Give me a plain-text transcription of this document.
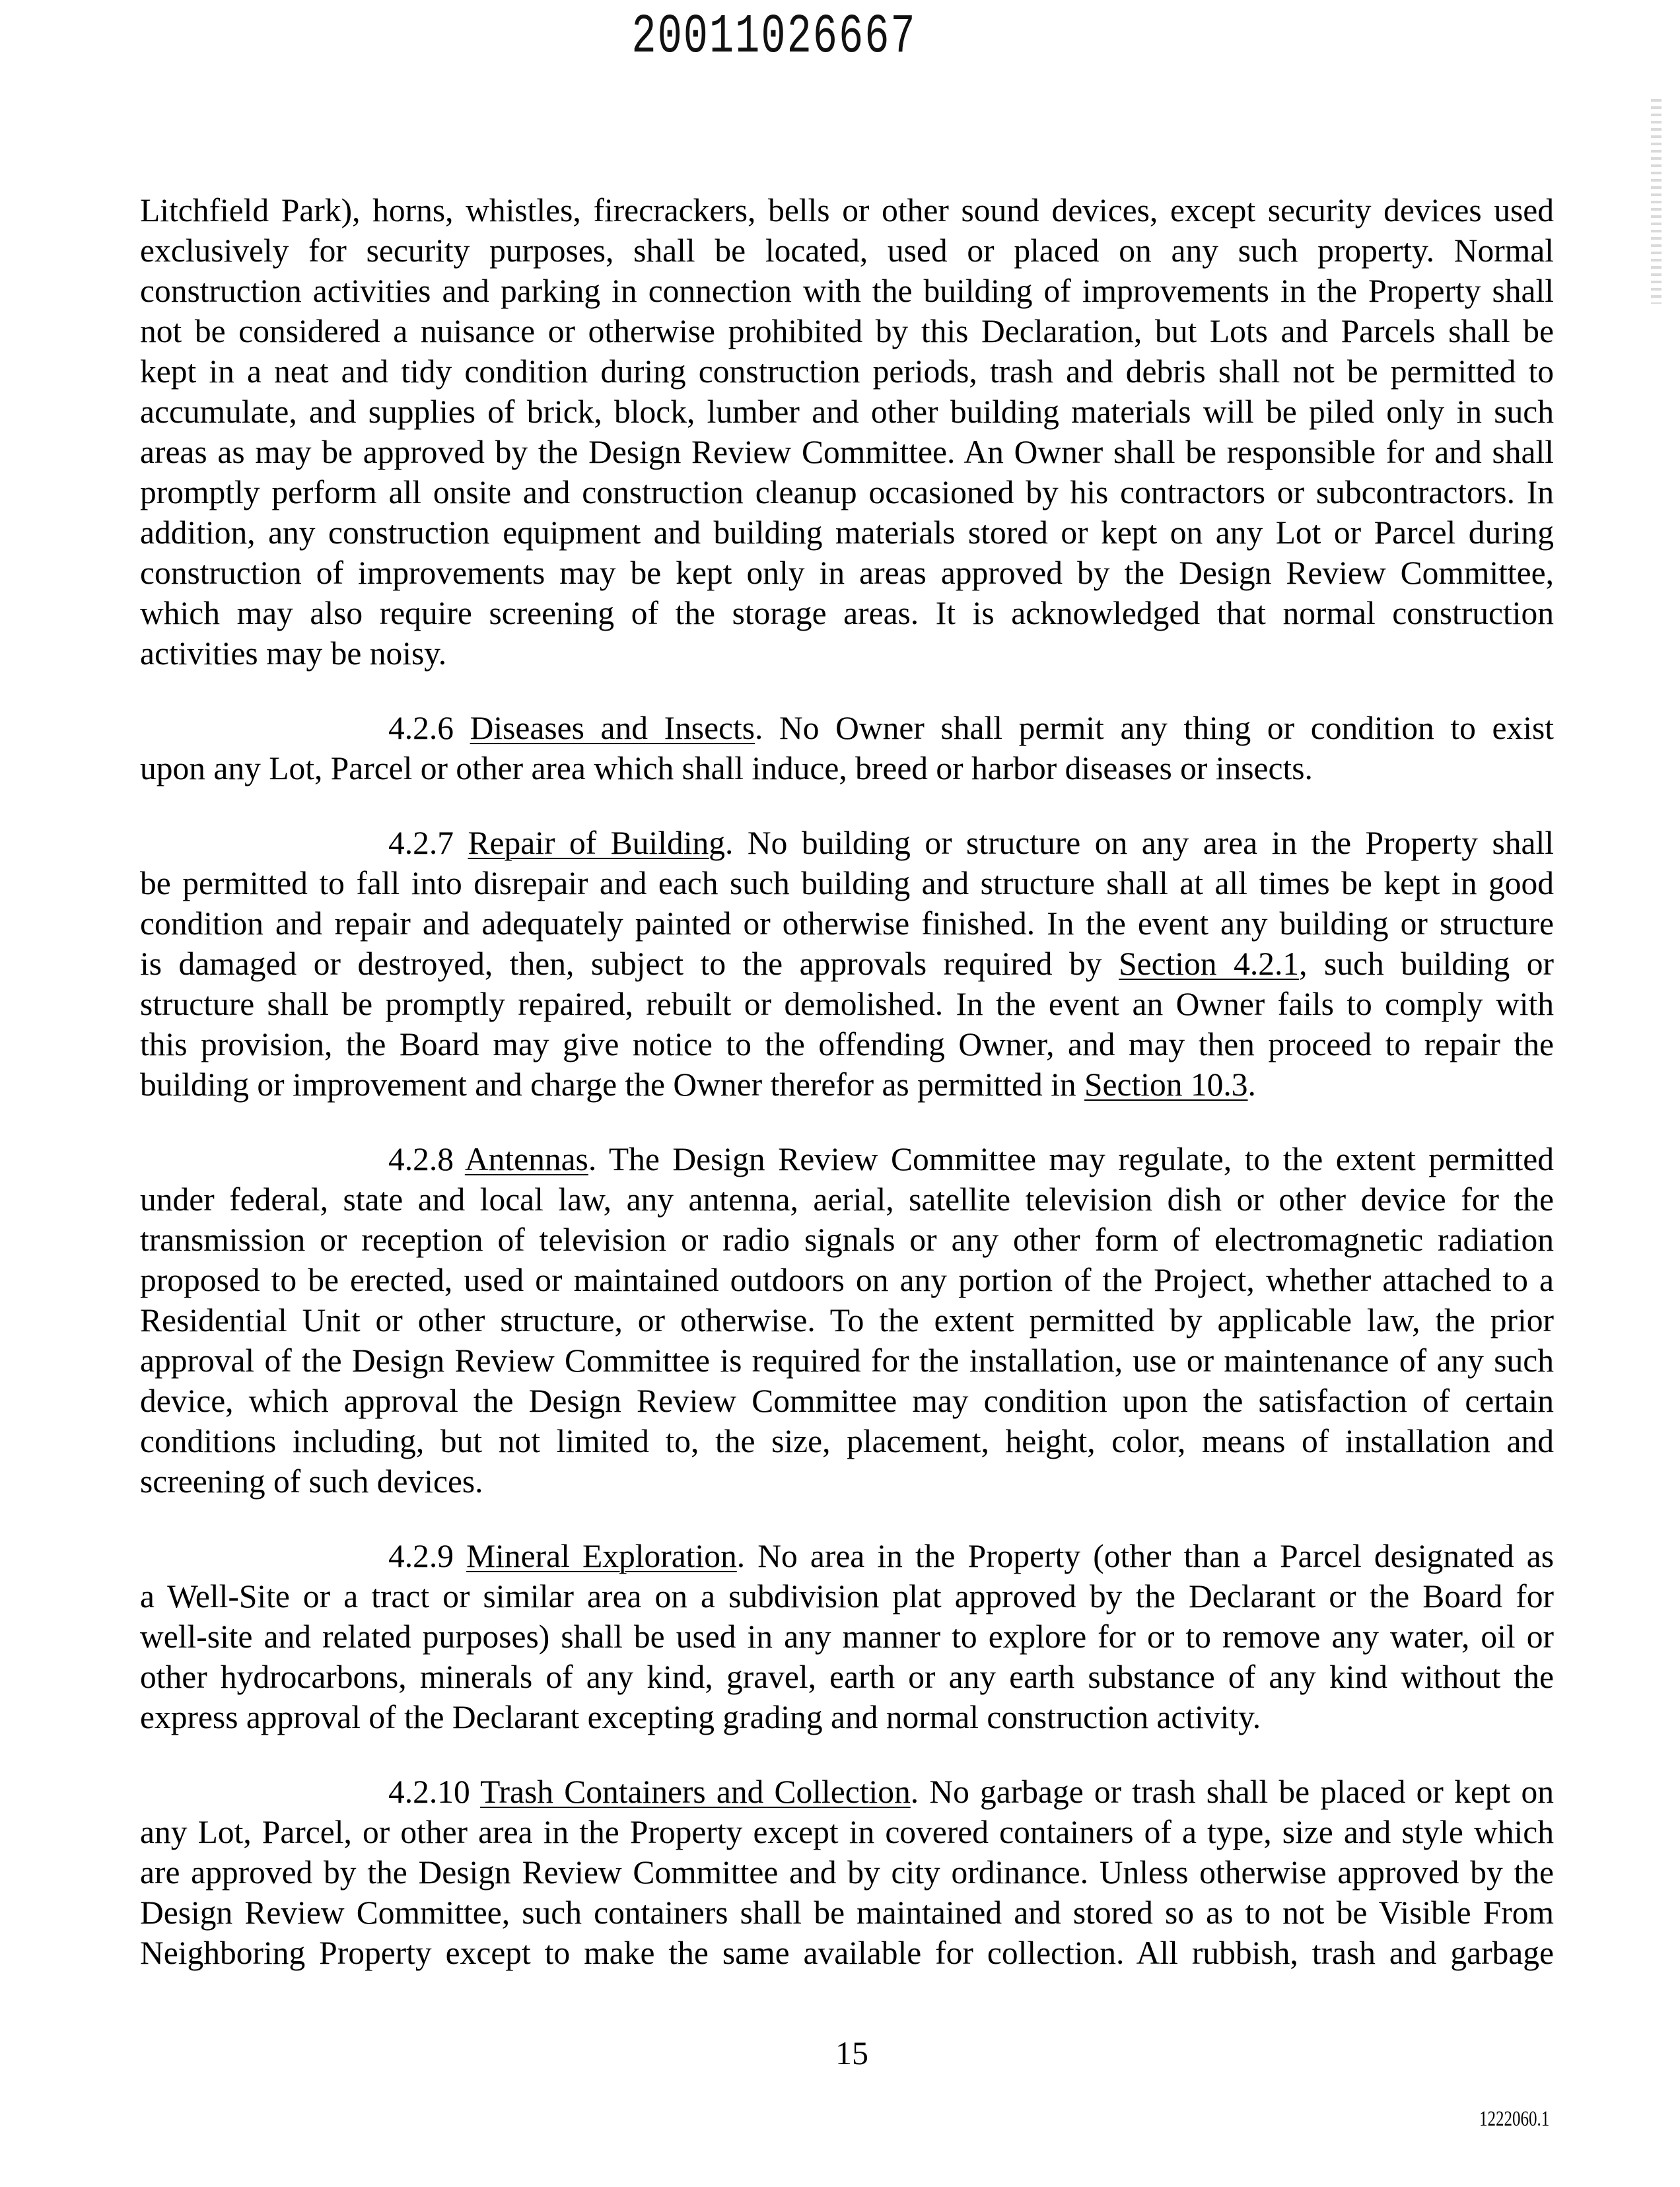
20011026667
Litchfield Park), horns, whistles, firecrackers, bells or other sound devices, except security devices used
exclusively for security purposes, shall be located, used or placed on any such property. Normal
construction activities and parking in connection with the building of improvements in the Property shall
not be considered a nuisance or otherwise prohibited by this Declaration, but Lots and Parcels shall be
kept in a neat and tidy condition during construction periods, trash and debris shall not be permitted to
accumulate, and supplies of brick, block, lumber and other building materials will be piled only in such
areas as may be approved by the Design Review Committee. An Owner shall be responsible for and shall
promptly perform all onsite and construction cleanup occasioned by his contractors or subcontractors. In
addition, any construction equipment and building materials stored or kept on any Lot or Parcel during
construction of improvements may be kept only in areas approved by the Design Review Committee,
which may also require screening of the storage areas. It is acknowledged that normal construction
activities may be noisy.
4.2.6 Diseases and Insects. No Owner shall permit any thing or condition to exist
upon any Lot, Parcel or other area which shall induce, breed or harbor diseases or insects.
4.2.7 Repair of Building. No building or structure on any area in the Property shall
be permitted to fall into disrepair and each such building and structure shall at all times be kept in good
condition and repair and adequately painted or otherwise finished. In the event any building or structure
is damaged or destroyed, then, subject to the approvals required by Section 4.2.1, such building or
structure shall be promptly repaired, rebuilt or demolished. In the event an Owner fails to comply with
this provision, the Board may give notice to the offending Owner, and may then proceed to repair the
building or improvement and charge the Owner therefor as permitted in Section 10.3.
4.2.8 Antennas. The Design Review Committee may regulate, to the extent permitted
under federal, state and local law, any antenna, aerial, satellite television dish or other device for the
transmission or reception of television or radio signals or any other form of electromagnetic radiation
proposed to be erected, used or maintained outdoors on any portion of the Project, whether attached to a
Residential Unit or other structure, or otherwise. To the extent permitted by applicable law, the prior
approval of the Design Review Committee is required for the installation, use or maintenance of any such
device, which approval the Design Review Committee may condition upon the satisfaction of certain
conditions including, but not limited to, the size, placement, height, color, means of installation and
screening of such devices.
4.2.9 Mineral Exploration. No area in the Property (other than a Parcel designated as
a Well-Site or a tract or similar area on a subdivision plat approved by the Declarant or the Board for
well-site and related purposes) shall be used in any manner to explore for or to remove any water, oil or
other hydrocarbons, minerals of any kind, gravel, earth or any earth substance of any kind without the
express approval of the Declarant excepting grading and normal construction activity.
4.2.10 Trash Containers and Collection. No garbage or trash shall be placed or kept on
any Lot, Parcel, or other area in the Property except in covered containers of a type, size and style which
are approved by the Design Review Committee and by city ordinance. Unless otherwise approved by the
Design Review Committee, such containers shall be maintained and stored so as to not be Visible From
Neighboring Property except to make the same available for collection. All rubbish, trash and garbage
15
1222060.1
